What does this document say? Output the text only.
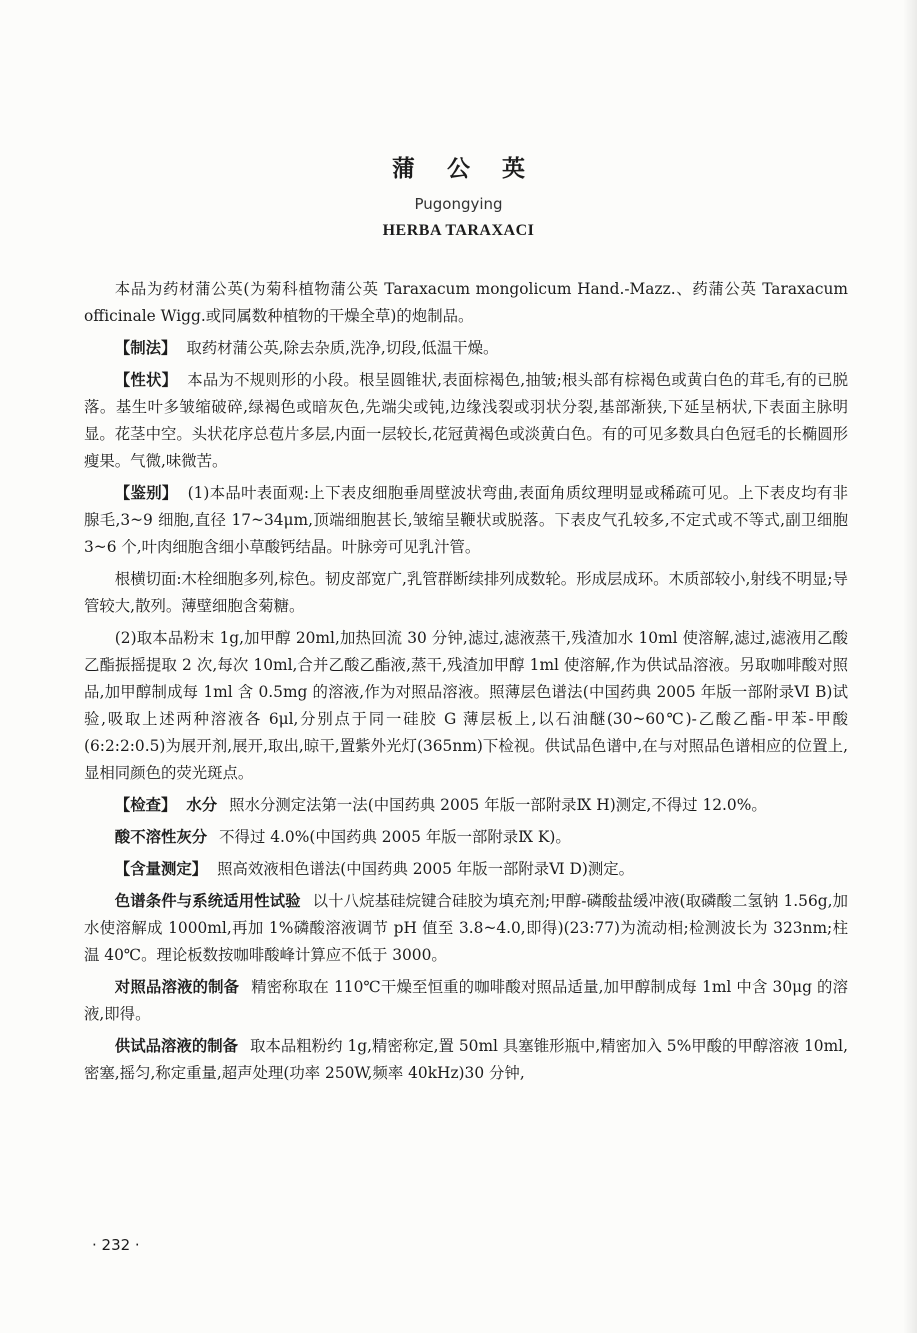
蒲 公 英
Pugongying
HERBA TARAXACI

本品为药材蒲公英(为菊科植物蒲公英 Taraxacum mongolicum Hand.-Mazz.、药蒲公英 Taraxacum officinale Wigg.或同属数种植物的干燥全草)的炮制品。

【制法】 取药材蒲公英,除去杂质,洗净,切段,低温干燥。

【性状】 本品为不规则形的小段。根呈圆锥状,表面棕褐色,抽皱;根头部有棕褐色或黄白色的茸毛,有的已脱落。基生叶多皱缩破碎,绿褐色或暗灰色,先端尖或钝,边缘浅裂或羽状分裂,基部渐狭,下延呈柄状,下表面主脉明显。花茎中空。头状花序总苞片多层,内面一层较长,花冠黄褐色或淡黄白色。有的可见多数具白色冠毛的长椭圆形瘦果。气微,味微苦。

【鉴别】 (1)本品叶表面观:上下表皮细胞垂周壁波状弯曲,表面角质纹理明显或稀疏可见。上下表皮均有非腺毛,3~9 细胞,直径 17~34μm,顶端细胞甚长,皱缩呈鞭状或脱落。下表皮气孔较多,不定式或不等式,副卫细胞 3~6 个,叶肉细胞含细小草酸钙结晶。叶脉旁可见乳汁管。

根横切面:木栓细胞多列,棕色。韧皮部宽广,乳管群断续排列成数轮。形成层成环。木质部较小,射线不明显;导管较大,散列。薄壁细胞含菊糖。

(2)取本品粉末 1g,加甲醇 20ml,加热回流 30 分钟,滤过,滤液蒸干,残渣加水 10ml 使溶解,滤过,滤液用乙酸乙酯振摇提取 2 次,每次 10ml,合并乙酸乙酯液,蒸干,残渣加甲醇 1ml 使溶解,作为供试品溶液。另取咖啡酸对照品,加甲醇制成每 1ml 含 0.5mg 的溶液,作为对照品溶液。照薄层色谱法(中国药典 2005 年版一部附录Ⅵ B)试验,吸取上述两种溶液各 6μl,分别点于同一硅胶 G 薄层板上,以石油醚(30~60℃)-乙酸乙酯-甲苯-甲酸(6:2:2:0.5)为展开剂,展开,取出,晾干,置紫外光灯(365nm)下检视。供试品色谱中,在与对照品色谱相应的位置上,显相同颜色的荧光斑点。

【检查】 水分 照水分测定法第一法(中国药典 2005 年版一部附录Ⅸ H)测定,不得过 12.0%。

酸不溶性灰分 不得过 4.0%(中国药典 2005 年版一部附录Ⅸ K)。

【含量测定】 照高效液相色谱法(中国药典 2005 年版一部附录Ⅵ D)测定。

色谱条件与系统适用性试验 以十八烷基硅烷键合硅胶为填充剂;甲醇-磷酸盐缓冲液(取磷酸二氢钠 1.56g,加水使溶解成 1000ml,再加 1%磷酸溶液调节 pH 值至 3.8~4.0,即得)(23:77)为流动相;检测波长为 323nm;柱温 40℃。理论板数按咖啡酸峰计算应不低于 3000。

对照品溶液的制备 精密称取在 110℃干燥至恒重的咖啡酸对照品适量,加甲醇制成每 1ml 中含 30μg 的溶液,即得。

供试品溶液的制备 取本品粗粉约 1g,精密称定,置 50ml 具塞锥形瓶中,精密加入 5%甲酸的甲醇溶液 10ml,密塞,摇匀,称定重量,超声处理(功率 250W,频率 40kHz)30 分钟,

· 232 ·
